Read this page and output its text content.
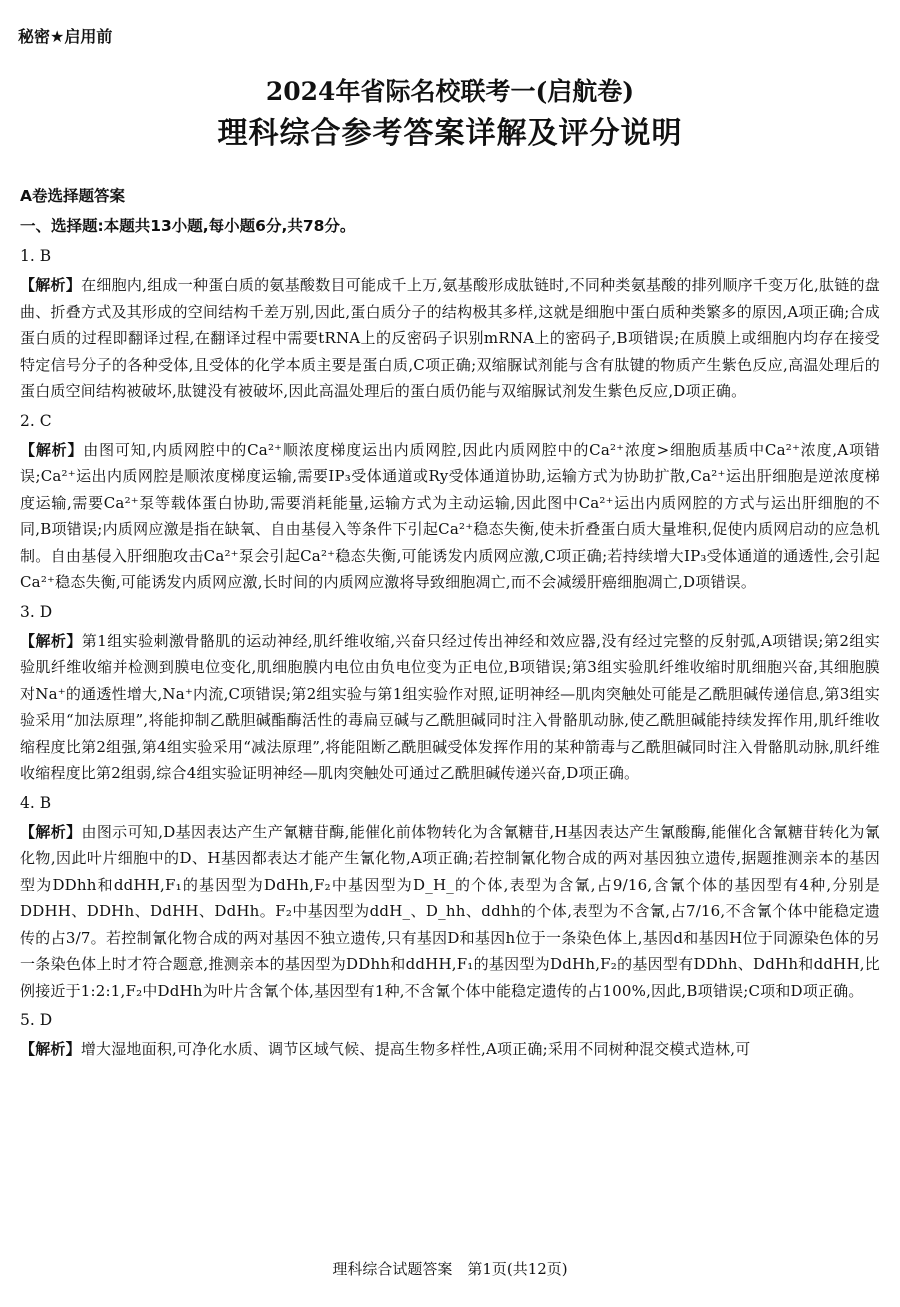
秘密★启用前
2024年省际名校联考一(启航卷)
理科综合参考答案详解及评分说明
A卷选择题答案
一、选择题:本题共13小题,每小题6分,共78分。
1. B
【解析】在细胞内,组成一种蛋白质的氨基酸数目可能成千上万,氨基酸形成肽链时,不同种类氨基酸的排列顺序千变万化,肽链的盘曲、折叠方式及其形成的空间结构千差万别,因此,蛋白质分子的结构极其多样,这就是细胞中蛋白质种类繁多的原因,A项正确;合成蛋白质的过程即翻译过程,在翻译过程中需要tRNA上的反密码子识别mRNA上的密码子,B项错误;在质膜上或细胞内均存在接受特定信号分子的各种受体,且受体的化学本质主要是蛋白质,C项正确;双缩脲试剂能与含有肽键的物质产生紫色反应,高温处理后的蛋白质空间结构被破坏,肽键没有被破坏,因此高温处理后的蛋白质仍能与双缩脲试剂发生紫色反应,D项正确。
2. C
【解析】由图可知,内质网腔中的Ca²⁺顺浓度梯度运出内质网腔,因此内质网腔中的Ca²⁺浓度>细胞质基质中Ca²⁺浓度,A项错误;Ca²⁺运出内质网腔是顺浓度梯度运输,需要IP₃受体通道或Ry受体通道协助,运输方式为协助扩散,Ca²⁺运出肝细胞是逆浓度梯度运输,需要Ca²⁺泵等载体蛋白协助,需要消耗能量,运输方式为主动运输,因此图中Ca²⁺运出内质网腔的方式与运出肝细胞的不同,B项错误;内质网应激是指在缺氧、自由基侵入等条件下引起Ca²⁺稳态失衡,使未折叠蛋白质大量堆积,促使内质网启动的应急机制。自由基侵入肝细胞攻击Ca²⁺泵会引起Ca²⁺稳态失衡,可能诱发内质网应激,C项正确;若持续增大IP₃受体通道的通透性,会引起Ca²⁺稳态失衡,可能诱发内质网应激,长时间的内质网应激将导致细胞凋亡,而不会减缓肝癌细胞凋亡,D项错误。
3. D
【解析】第1组实验刺激骨骼肌的运动神经,肌纤维收缩,兴奋只经过传出神经和效应器,没有经过完整的反射弧,A项错误;第2组实验肌纤维收缩并检测到膜电位变化,肌细胞膜内电位由负电位变为正电位,B项错误;第3组实验肌纤维收缩时肌细胞兴奋,其细胞膜对Na⁺的通透性增大,Na⁺内流,C项错误;第2组实验与第1组实验作对照,证明神经—肌肉突触处可能是乙酰胆碱传递信息,第3组实验采用“加法原理”,将能抑制乙酰胆碱酯酶活性的毒扁豆碱与乙酰胆碱同时注入骨骼肌动脉,使乙酰胆碱能持续发挥作用,肌纤维收缩程度比第2组强,第4组实验采用“减法原理”,将能阻断乙酰胆碱受体发挥作用的某种箭毒与乙酰胆碱同时注入骨骼肌动脉,肌纤维收缩程度比第2组弱,综合4组实验证明神经—肌肉突触处可通过乙酰胆碱传递兴奋,D项正确。
4. B
【解析】由图示可知,D基因表达产生产氰糖苷酶,能催化前体物转化为含氰糖苷,H基因表达产生氰酸酶,能催化含氰糖苷转化为氰化物,因此叶片细胞中的D、H基因都表达才能产生氰化物,A项正确;若控制氰化物合成的两对基因独立遗传,据题推测亲本的基因型为DDhh和ddHH,F₁的基因型为DdHh,F₂中基因型为D_H_的个体,表型为含氰,占9/16,含氰个体的基因型有4种,分别是DDHH、DDHh、DdHH、DdHh。F₂中基因型为ddH_、D_hh、ddhh的个体,表型为不含氰,占7/16,不含氰个体中能稳定遗传的占3/7。若控制氰化物合成的两对基因不独立遗传,只有基因D和基因h位于一条染色体上,基因d和基因H位于同源染色体的另一条染色体上时才符合题意,推测亲本的基因型为DDhh和ddHH,F₁的基因型为DdHh,F₂的基因型有DDhh、DdHh和ddHH,比例接近于1:2:1,F₂中DdHh为叶片含氰个体,基因型有1种,不含氰个体中能稳定遗传的占100%,因此,B项错误;C项和D项正确。
5. D
【解析】增大湿地面积,可净化水质、调节区域气候、提高生物多样性,A项正确;采用不同树种混交模式造林,可
理科综合试题答案　第1页(共12页)
